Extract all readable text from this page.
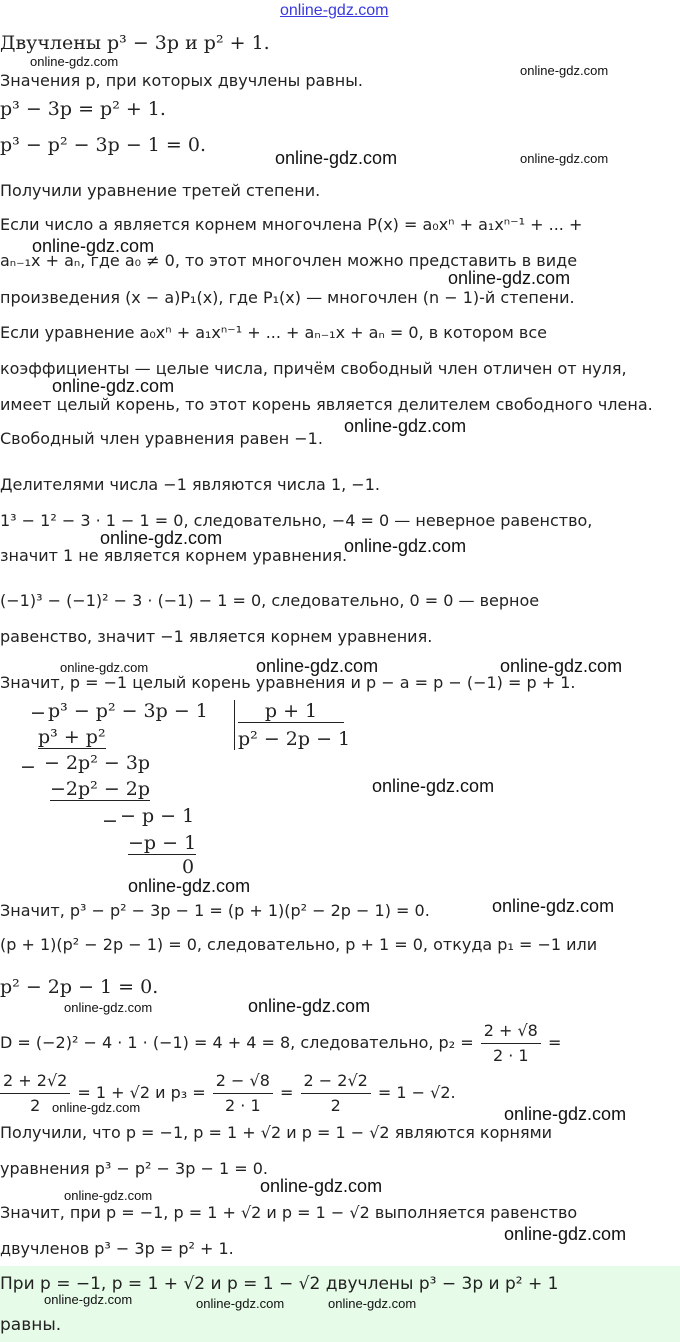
online-gdz.com
Двучлены p³ − 3p и p² + 1.
Значения p, при которых двучлены равны.
p³ − 3p = p² + 1.
p³ − p² − 3p − 1 = 0.
Получили уравнение третей степени.
Если число a является корнем многочлена P(x) = a₀xⁿ + a₁xⁿ⁻¹ + ... +
aₙ₋₁x + aₙ, где a₀ ≠ 0, то этот многочлен можно представить в виде
произведения (x − a)P₁(x), где P₁(x) — многочлен (n − 1)-й степени.
Если уравнение a₀xⁿ + a₁xⁿ⁻¹ + ... + aₙ₋₁x + aₙ = 0, в котором все
коэффициенты — целые числа, причём свободный член отличен от нуля,
имеет целый корень, то этот корень является делителем свободного члена.
Свободный член уравнения равен −1.
Делителями числа −1 являются числа 1, −1.
1³ − 1² − 3 · 1 − 1 = 0, следовательно, −4 = 0 — неверное равенство,
значит 1 не является корнем уравнения.
(−1)³ − (−1)² − 3 · (−1) − 1 = 0, следовательно, 0 = 0 — верное
равенство, значит −1 является корнем уравнения.
Значит, p = −1 целый корень уравнения и p − a = p − (−1) = p + 1.
− p³ − p² − 3p − 1
p³ + p²
− − 2p² − 3p
−2p² − 2p
− − p − 1
−p − 1
0
p + 1
p² − 2p − 1
Значит, p³ − p² − 3p − 1 = (p + 1)(p² − 2p − 1) = 0.
(p + 1)(p² − 2p − 1) = 0, следовательно, p + 1 = 0, откуда p₁ = −1 или
p² − 2p − 1 = 0.
D = (−2)² − 4 · 1 · (−1) = 4 + 4 = 8, следовательно, $p_2 = \frac{2 + √8}{2 \cdot 1}$ =
$\frac{2 + 2√2}{2} = 1 + √2$ и $p_3 = \frac{2 - √8}{2 \cdot 1} = \frac{2 - 2√2}{2} = 1 - √2$.
Получили, что p = −1, p = 1 + √2 и p = 1 − √2 являются корнями
уравнения p³ − p² − 3p − 1 = 0.
Значит, при p = −1, p = 1 + √2 и p = 1 − √2 выполняется равенство
двучленов p³ − 3p = p² + 1.
При p = −1, p = 1 + √2 и p = 1 − √2 двучлены p³ − 3p и p² + 1
равны.
online-gdz.com
online-gdz.com
online-gdz.com	online-gdz.com
online-gdz.com
online-gdz.com
online-gdz.com
online-gdz.com
online-gdz.com	online-gdz.com
online-gdz.com	online-gdz.com	online-gdz.com
online-gdz.com
online-gdz.com
online-gdz.com
online-gdz.com	online-gdz.com
online-gdz.com	online-gdz.com
online-gdz.com	online-gdz.com
online-gdz.com
online-gdz.com	online-gdz.com	online-gdz.com
